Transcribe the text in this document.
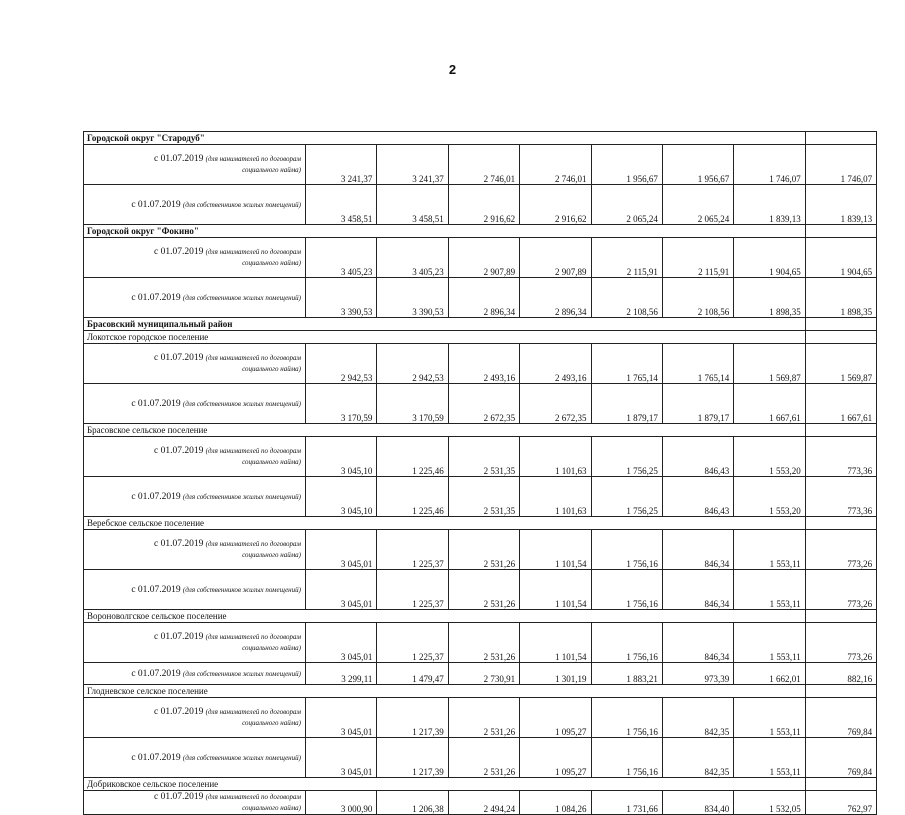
2
Городской округ "Стародуб"								

с 01.07.2019 (для нанимателей по договорам
социального найма)	3 241,37	3 241,37	2 746,01	2 746,01	1 956,67	1 956,67	1 746,07	1 746,07

с 01.07.2019 (для собственников жилых помещений)	3 458,51	3 458,51	2 916,62	2 916,62	2 065,24	2 065,24	1 839,13	1 839,13
Городской округ "Фокино"								

с 01.07.2019 (для нанимателей по договорам
социального найма)	3 405,23	3 405,23	2 907,89	2 907,89	2 115,91	2 115,91	1 904,65	1 904,65

с 01.07.2019 (для собственников жилых помещений)	3 390,53	3 390,53	2 896,34	2 896,34	2 108,56	2 108,56	1 898,35	1 898,35
Брасовский муниципальный район								
Локотское городское поселение								

с 01.07.2019 (для нанимателей по договорам
социального найма)	2 942,53	2 942,53	2 493,16	2 493,16	1 765,14	1 765,14	1 569,87	1 569,87

с 01.07.2019 (для собственников жилых помещений)	3 170,59	3 170,59	2 672,35	2 672,35	1 879,17	1 879,17	1 667,61	1 667,61
Брасовское сельское поселение								

с 01.07.2019 (для нанимателей по договорам
социального найма)	3 045,10	1 225,46	2 531,35	1 101,63	1 756,25	846,43	1 553,20	773,36

с 01.07.2019 (для собственников жилых помещений)	3 045,10	1 225,46	2 531,35	1 101,63	1 756,25	846,43	1 553,20	773,36
Веребское сельское поселение								

с 01.07.2019 (для нанимателей по договорам
социального найма)	3 045,01	1 225,37	2 531,26	1 101,54	1 756,16	846,34	1 553,11	773,26

с 01.07.2019 (для собственников жилых помещений)	3 045,01	1 225,37	2 531,26	1 101,54	1 756,16	846,34	1 553,11	773,26
Вороноволгское сельское поселение								

с 01.07.2019 (для нанимателей по договорам
социального найма)	3 045,01	1 225,37	2 531,26	1 101,54	1 756,16	846,34	1 553,11	773,26

с 01.07.2019 (для собственников жилых помещений)	3 299,11	1 479,47	2 730,91	1 301,19	1 883,21	973,39	1 662,01	882,16
Глодневское селское поселение								

с 01.07.2019 (для нанимателей по договорам
социального найма)	3 045,01	1 217,39	2 531,26	1 095,27	1 756,16	842,35	1 553,11	769,84

с 01.07.2019 (для собственников жилых помещений)	3 045,01	1 217,39	2 531,26	1 095,27	1 756,16	842,35	1 553,11	769,84
Добриковское сельское поселение								

с 01.07.2019 (для нанимателей по договорам
социального найма)	3 000,90	1 206,38	2 494,24	1 084,26	1 731,66	834,40	1 532,05	762,97
